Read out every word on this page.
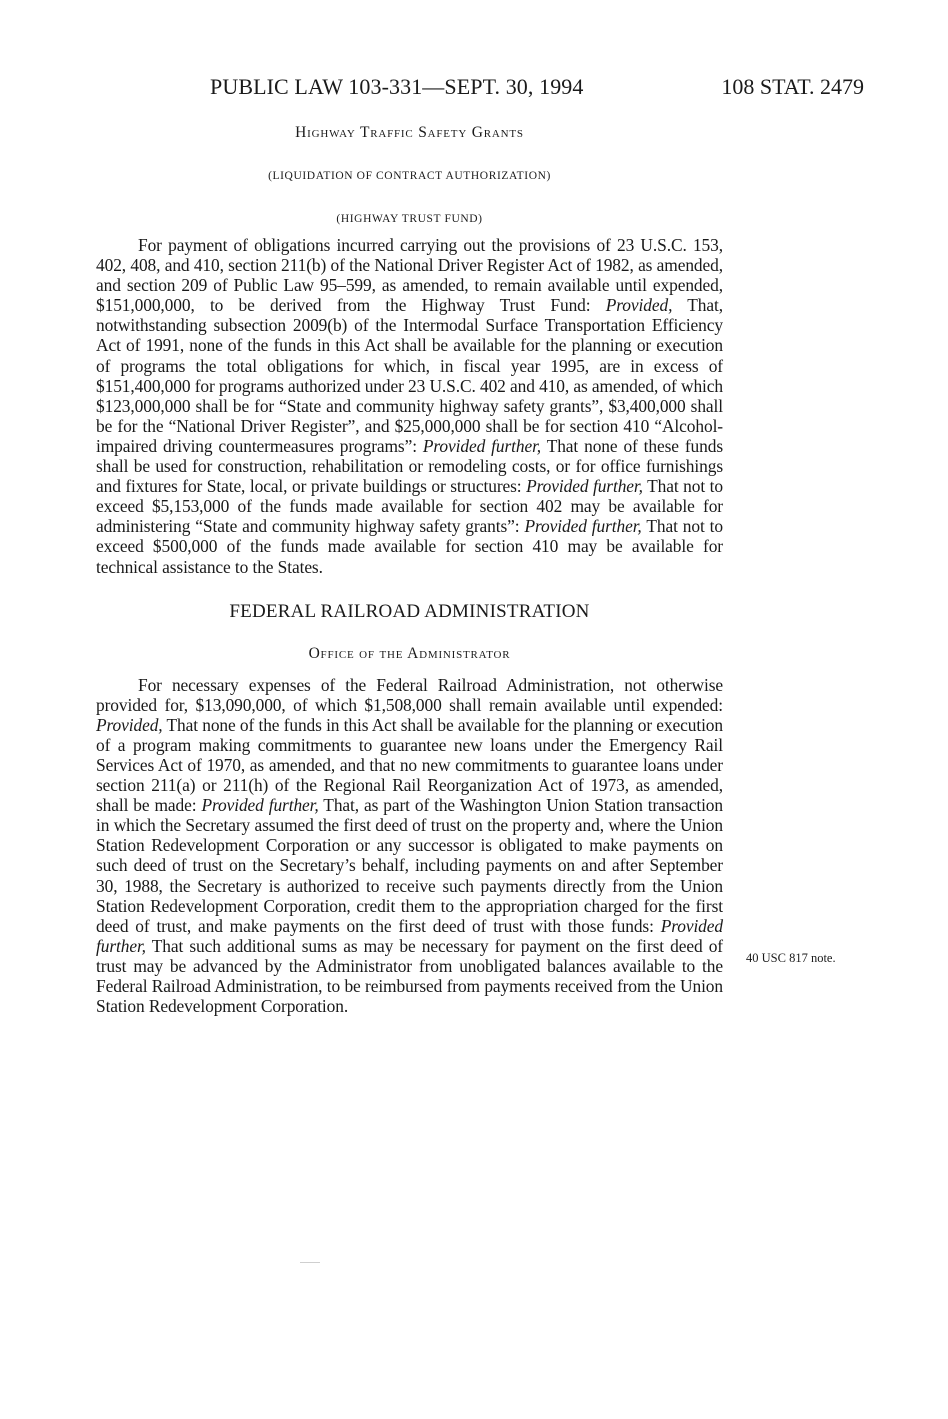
PUBLIC LAW 103-331—SEPT. 30, 1994	108 STAT. 2479

Highway Traffic Safety Grants

(LIQUIDATION OF CONTRACT AUTHORIZATION)

(HIGHWAY TRUST FUND)

For payment of obligations incurred carrying out the provisions of 23 U.S.C. 153, 402, 408, and 410, section 211(b) of the National Driver Register Act of 1982, as amended, and section 209 of Public Law 95–599, as amended, to remain available until expended, $151,000,000, to be derived from the Highway Trust Fund: Provided, That, notwithstanding subsection 2009(b) of the Intermodal Surface Transportation Efficiency Act of 1991, none of the funds in this Act shall be available for the planning or execution of programs the total obligations for which, in fiscal year 1995, are in excess of $151,400,000 for programs authorized under 23 U.S.C. 402 and 410, as amended, of which $123,000,000 shall be for “State and community highway safety grants”, $3,400,000 shall be for the “National Driver Register”, and $25,000,000 shall be for section 410 “Alcohol-impaired driving countermeasures programs”: Provided further, That none of these funds shall be used for construction, rehabilitation or remodeling costs, or for office furnishings and fixtures for State, local, or private buildings or structures: Provided further, That not to exceed $5,153,000 of the funds made available for section 402 may be available for administering “State and community highway safety grants”: Provided further, That not to exceed $500,000 of the funds made available for section 410 may be available for technical assistance to the States.

FEDERAL RAILROAD ADMINISTRATION

Office of the Administrator

For necessary expenses of the Federal Railroad Administration, not otherwise provided for, $13,090,000, of which $1,508,000 shall remain available until expended: Provided, That none of the funds in this Act shall be available for the planning or execution of a program making commitments to guarantee new loans under the Emergency Rail Services Act of 1970, as amended, and that no new commitments to guarantee loans under section 211(a) or 211(h) of the Regional Rail Reorganization Act of 1973, as amended, shall be made: Provided further, That, as part of the Washington Union Station transaction in which the Secretary assumed the first deed of trust on the property and, where the Union Station Redevelopment Corporation or any successor is obligated to make payments on such deed of trust on the Secretary’s behalf, including payments on and after September 30, 1988, the Secretary is authorized to receive such payments directly from the Union Station Redevelopment Corporation, credit them to the appropriation charged for the first deed of trust, and make payments on the first deed of trust with those funds: Provided further, That such additional sums as may be necessary for payment on the first deed of trust may be advanced by the Administrator from unobligated balances available to the Federal Railroad Administration, to be reimbursed from payments received from the Union Station Redevelopment Corporation.

40 USC 817 note.
